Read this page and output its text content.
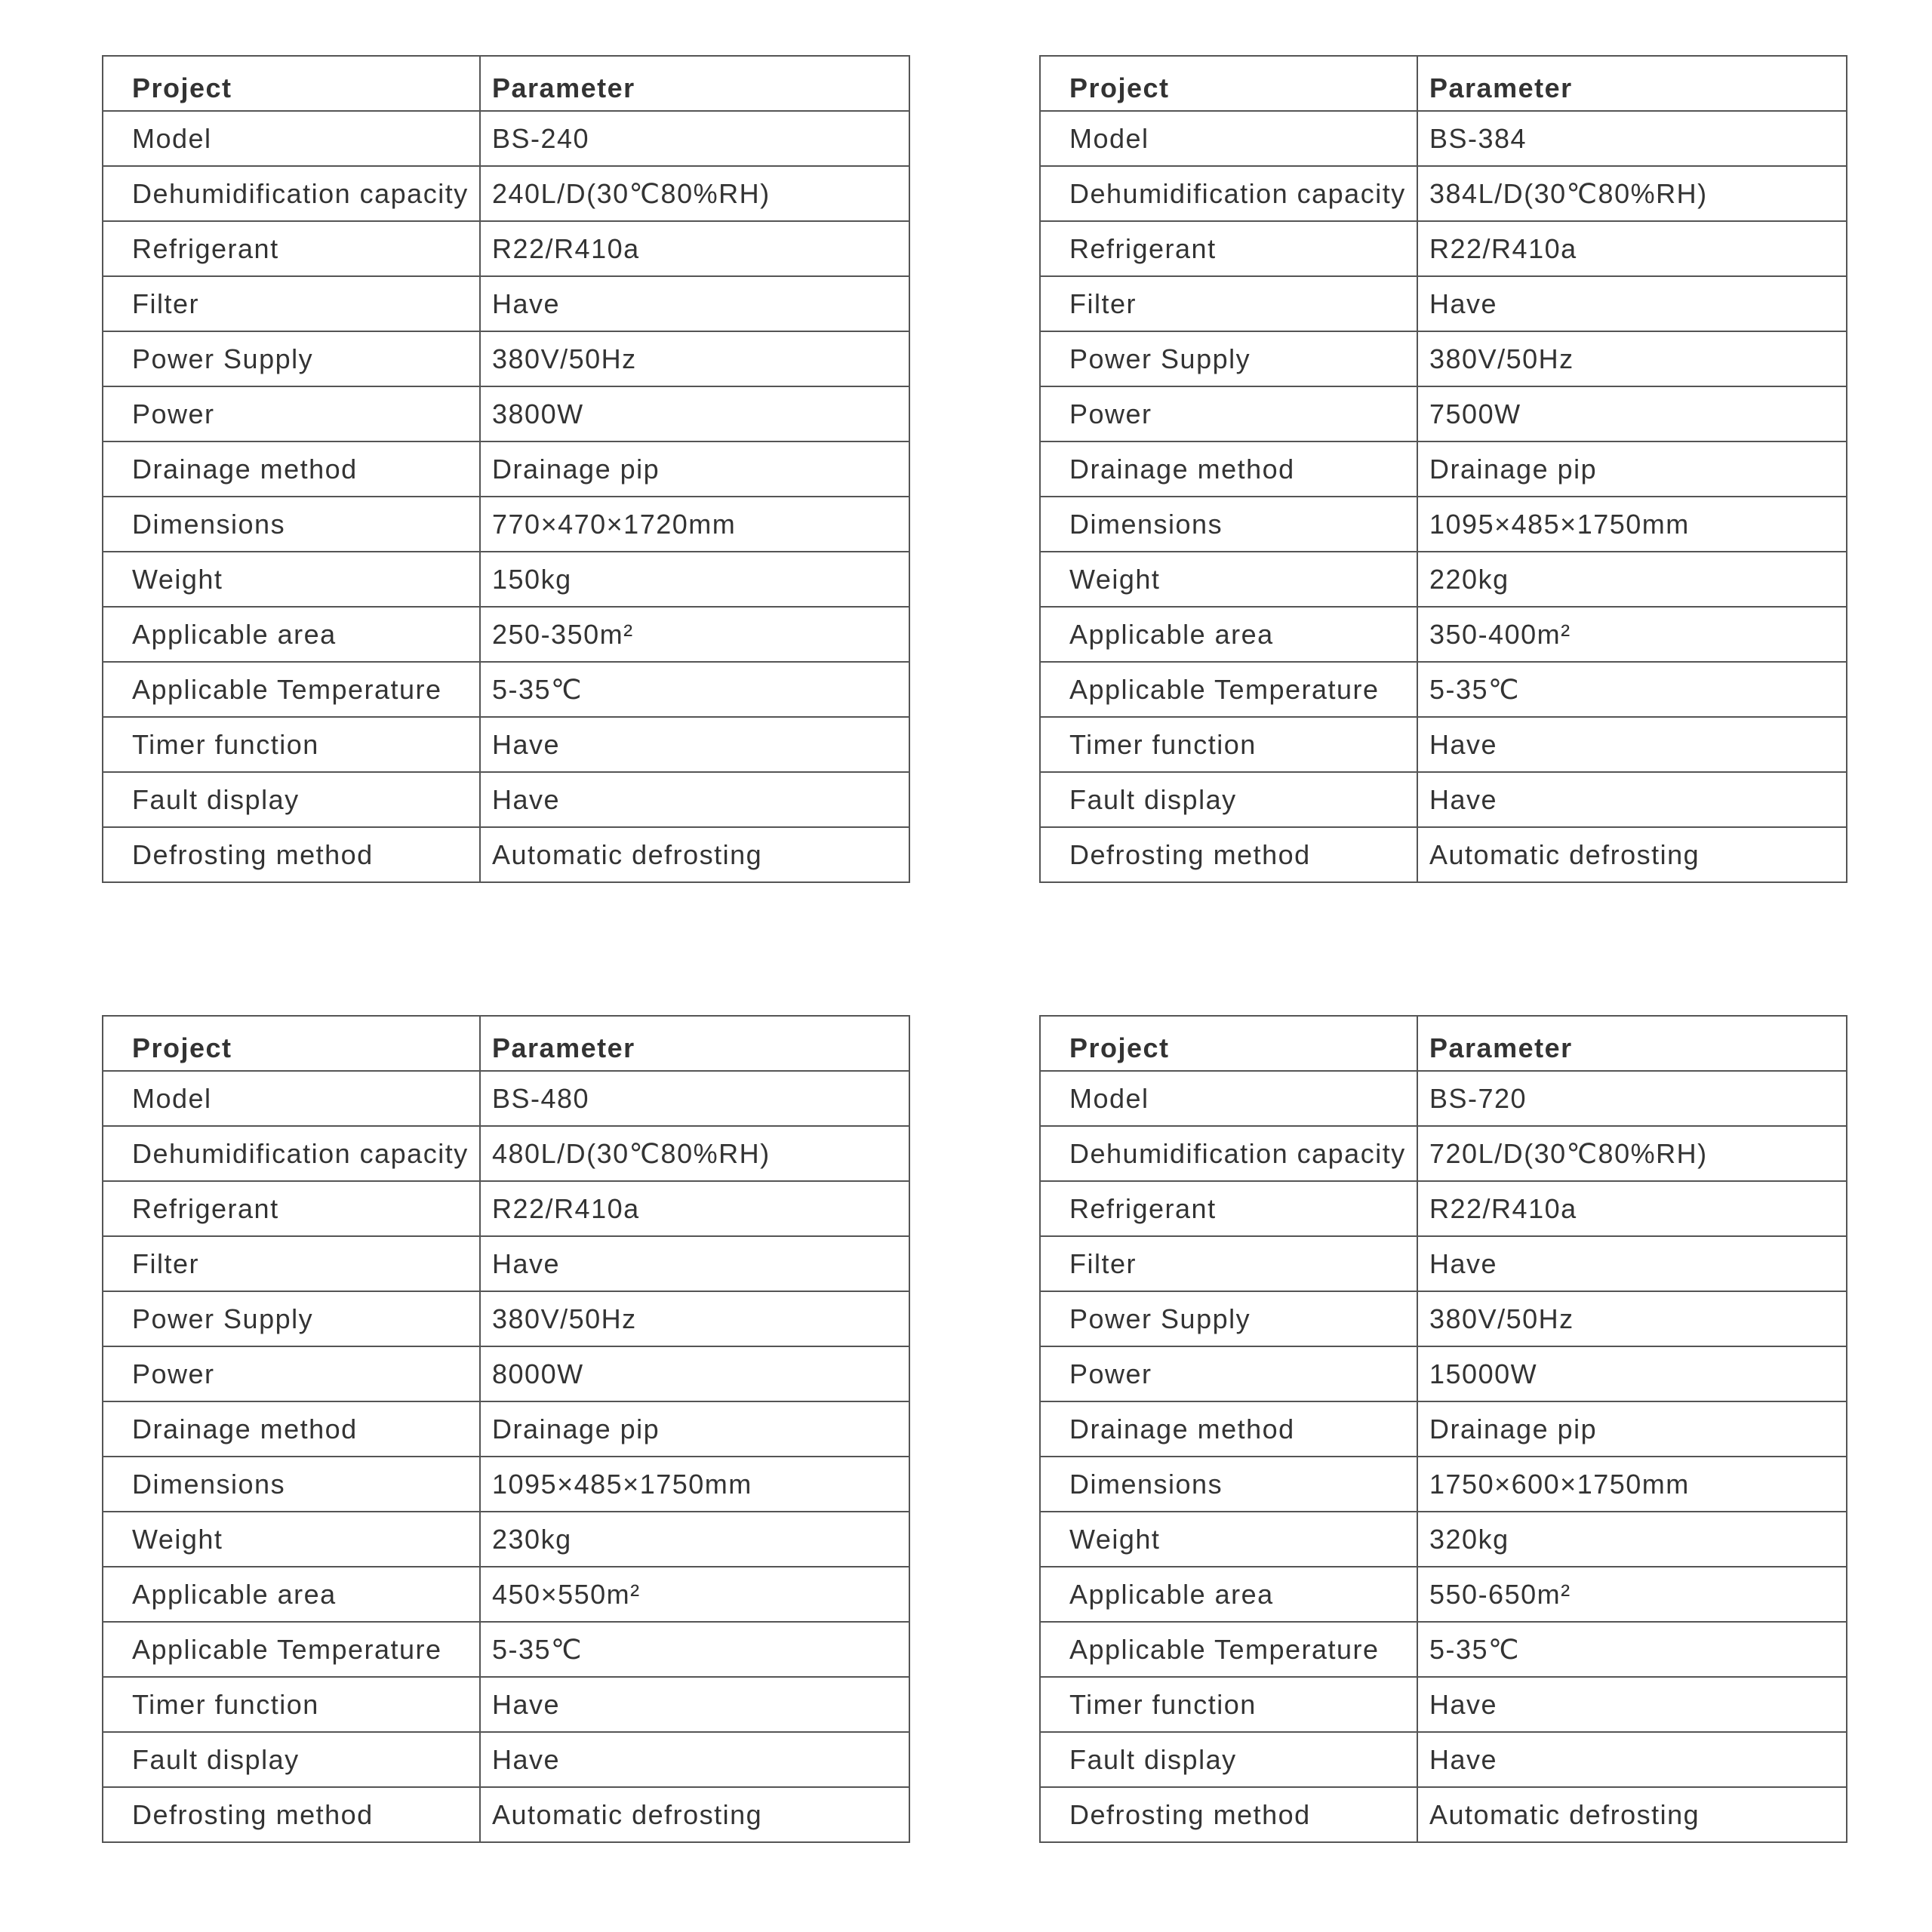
Project	Parameter
Model	BS-240
Dehumidification capacity	240L/D(30℃80%RH)
Refrigerant	R22/R410a
Filter	Have
Power Supply	380V/50Hz
Power	3800W
Drainage method	Drainage pip
Dimensions	770×470×1720mm
Weight	150kg
Applicable area	250-350m²
Applicable Temperature	5-35℃
Timer function	Have
Fault display	Have
Defrosting method	Automatic defrosting
Project	Parameter
Model	BS-384
Dehumidification capacity	384L/D(30℃80%RH)
Refrigerant	R22/R410a
Filter	Have
Power Supply	380V/50Hz
Power	7500W
Drainage method	Drainage pip
Dimensions	1095×485×1750mm
Weight	220kg
Applicable area	350-400m²
Applicable Temperature	5-35℃
Timer function	Have
Fault display	Have
Defrosting method	Automatic defrosting
Project	Parameter
Model	BS-480
Dehumidification capacity	480L/D(30℃80%RH)
Refrigerant	R22/R410a
Filter	Have
Power Supply	380V/50Hz
Power	8000W
Drainage method	Drainage pip
Dimensions	1095×485×1750mm
Weight	230kg
Applicable area	450×550m²
Applicable Temperature	5-35℃
Timer function	Have
Fault display	Have
Defrosting method	Automatic defrosting
Project	Parameter
Model	BS-720
Dehumidification capacity	720L/D(30℃80%RH)
Refrigerant	R22/R410a
Filter	Have
Power Supply	380V/50Hz
Power	15000W
Drainage method	Drainage pip
Dimensions	1750×600×1750mm
Weight	320kg
Applicable area	550-650m²
Applicable Temperature	5-35℃
Timer function	Have
Fault display	Have
Defrosting method	Automatic defrosting
